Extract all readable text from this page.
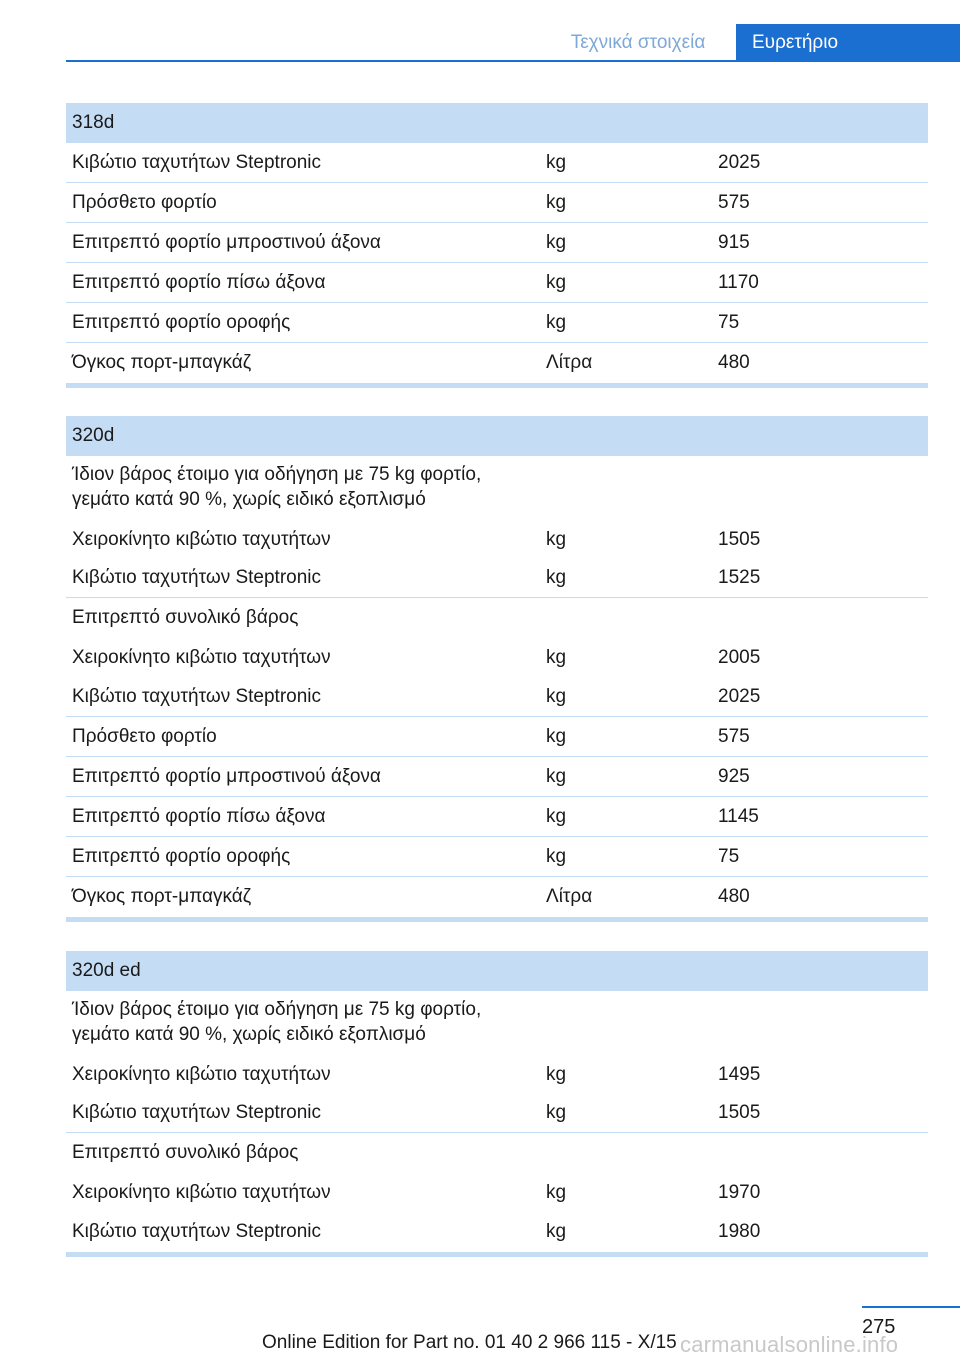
Τεχνικά στοιχεία	Ευρετήριο
318d
Κιβώτιο ταχυτήτων Steptronic	kg	2025
Πρόσθετο φορτίο	kg	575
Επιτρεπτό φορτίο μπροστινού άξονα	kg	915
Επιτρεπτό φορτίο πίσω άξονα	kg	1170
Επιτρεπτό φορτίο οροφής	kg	75
Όγκος πορτ-μπαγκάζ	Λίτρα	480
320d
Ίδιον βάρος έτοιμο για οδήγηση με 75 kg φορτίο,
γεμάτο κατά 90 %, χωρίς ειδικό εξοπλισμό
Χειροκίνητο κιβώτιο ταχυτήτων	kg	1505
Κιβώτιο ταχυτήτων Steptronic	kg	1525
Επιτρεπτό συνολικό βάρος
Χειροκίνητο κιβώτιο ταχυτήτων	kg	2005
Κιβώτιο ταχυτήτων Steptronic	kg	2025
Πρόσθετο φορτίο	kg	575
Επιτρεπτό φορτίο μπροστινού άξονα	kg	925
Επιτρεπτό φορτίο πίσω άξονα	kg	1145
Επιτρεπτό φορτίο οροφής	kg	75
Όγκος πορτ-μπαγκάζ	Λίτρα	480
320d ed
Ίδιον βάρος έτοιμο για οδήγηση με 75 kg φορτίο,
γεμάτο κατά 90 %, χωρίς ειδικό εξοπλισμό
Χειροκίνητο κιβώτιο ταχυτήτων	kg	1495
Κιβώτιο ταχυτήτων Steptronic	kg	1505
Επιτρεπτό συνολικό βάρος
Χειροκίνητο κιβώτιο ταχυτήτων	kg	1970
Κιβώτιο ταχυτήτων Steptronic	kg	1980
275
Online Edition for Part no. 01 40 2 966 115 - X/15 carmanualsonline.info
